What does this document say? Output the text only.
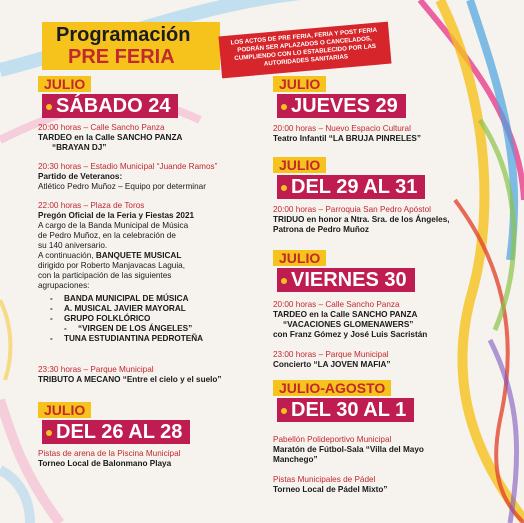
Programación
PRE FERIA
LOS ACTOS DE PRE FERIA, FERIA Y POST FERIA PODRÁN SER APLAZADOS O CANCELADOS, CUMPLIENDO CON LO ESTABLECIDO POR LAS AUTORIDADES SANITARIAS
JULIO
SÁBADO 24
20:00 horas – Calle Sancho Panza
TARDEO en la Calle SANCHO PANZA
“BRAYAN DJ”
20:30 horas – Estadio Municipal “Juande Ramos”
Partido de Veteranos:
Atlético Pedro Muñoz – Equipo por determinar
22:00 horas – Plaza de Toros
Pregón Oficial de la Feria y Fiestas 2021
A cargo de la Banda Municipal de Música
de Pedro Muñoz, en la celebración de
su 140 aniversario.
A continuación, BANQUETE MUSICAL
dirigido por Roberto Manjavacas Laguia,
con la participación de las siguientes
agrupaciones:
- BANDA MUNICIPAL DE MÚSICA
- A. MUSICAL JAVIER MAYORAL
- GRUPO FOLKLÓRICO
- “VIRGEN DE LOS ÁNGELES”
- TUNA ESTUDIANTINA PEDROTEÑA
23:30 horas – Parque Municipal
TRIBUTO A MECANO “Entre el cielo y el suelo”
JULIO
DEL 26 AL 28
Pistas de arena de la Piscina Municipal
Torneo Local de Balonmano Playa
JULIO
JUEVES 29
20:00 horas – Nuevo Espacio Cultural
Teatro Infantil “LA BRUJA PINRELES”
JULIO
DEL 29 AL 31
20:00 horas – Parroquia San Pedro Apóstol
TRIDUO en honor a Ntra. Sra. de los Ángeles,
Patrona de Pedro Muñoz
JULIO
VIERNES 30
20:00 horas – Calle Sancho Panza
TARDEO en la Calle SANCHO PANZA
“VACACIONES GLOMENAWERS”
con Franz Gómez y José Luis Sacristán
23:00 horas – Parque Municipal
Concierto “LA JOVEN MAFIA”
JULIO-AGOSTO
DEL 30 AL 1
Pabellón Polideportivo Municipal
Maratón de Fútbol-Sala “Villa del Mayo
Manchego”
Pistas Municipales de Pádel
Torneo Local de Pádel Mixto”
